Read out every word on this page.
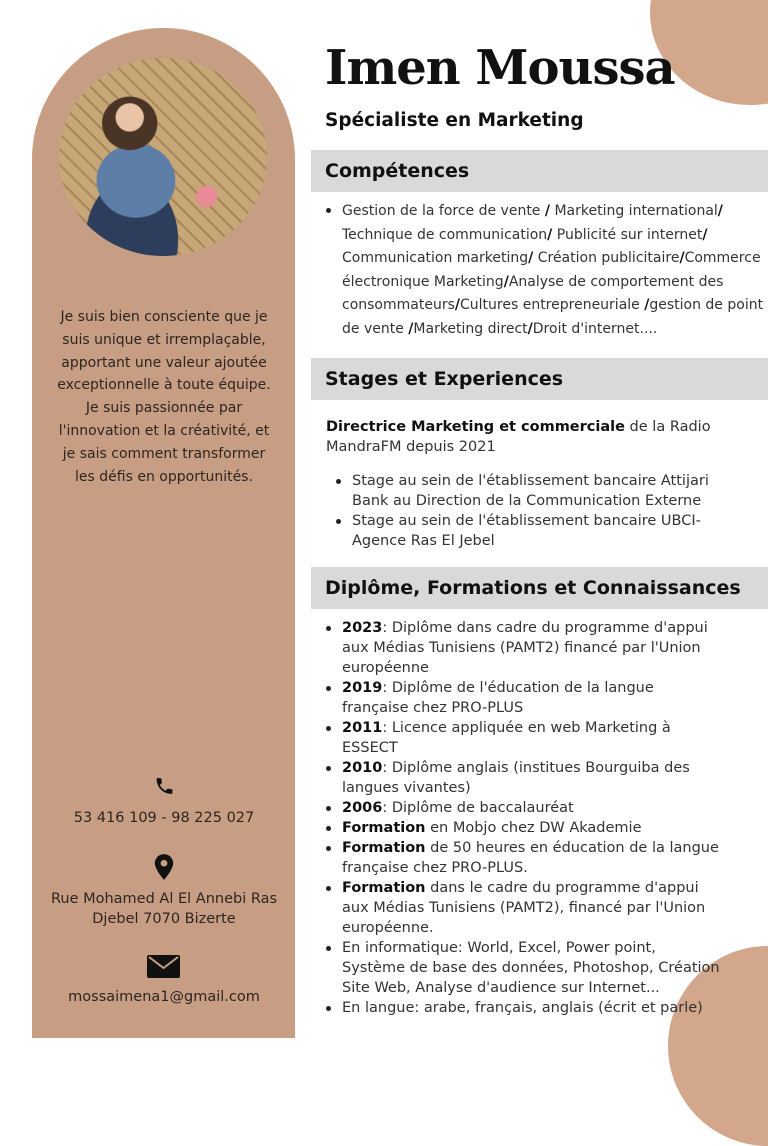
Je suis bien consciente que je suis unique et irremplaçable, apportant une valeur ajoutée exceptionnelle à toute équipe. Je suis passionnée par l'innovation et la créativité, et je sais comment transformer les défis en opportunités.

53 416 109 - 98 225 027
Rue Mohamed Al El Annebi Ras Djebel 7070 Bizerte
mossaimena1@gmail.com
Imen Moussa
Spécialiste en Marketing
Compétences
Gestion de la force de vente / Marketing international/ Technique de communication/ Publicité sur internet/ Communication marketing/ Création publicitaire/Commerce électronique Marketing/Analyse de comportement des consommateurs/Cultures entrepreneuriale /gestion de point de vente /Marketing direct/Droit d'internet....
Stages et Experiences
Directrice Marketing et commerciale de la Radio MandraFM depuis 2021
Stage au sein de l'établissement bancaire Attijari Bank au Direction de la Communication Externe
Stage au sein de l'établissement bancaire UBCI-Agence Ras El Jebel
Diplôme, Formations et Connaissances
2023: Diplôme dans cadre du programme d'appui aux Médias Tunisiens (PAMT2) financé par l'Union européenne
2019: Diplôme de l'éducation de la langue française chez PRO-PLUS
2011: Licence appliquée en web Marketing à ESSECT
2010: Diplôme anglais (institues Bourguiba des langues vivantes)
2006: Diplôme de baccalauréat
Formation en Mobjo chez DW Akademie
Formation de 50 heures en éducation de la langue française chez PRO-PLUS.
Formation dans le cadre du programme d'appui aux Médias Tunisiens (PAMT2), financé par l'Union européenne.
En informatique: World, Excel, Power point, Système de base des données, Photoshop, Création Site Web, Analyse d'audience sur Internet...
En langue: arabe, français, anglais (écrit et parle)
